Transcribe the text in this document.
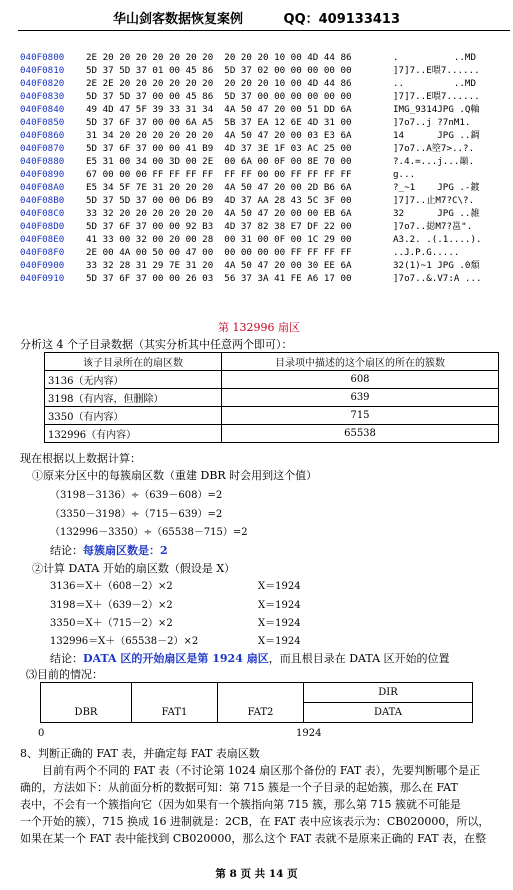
华山剑客数据恢复案例	QQ：409133413
040F0800 2E 20 20 20 20 20 20 20  20 20 20 10 00 4D 44 86	.          ..MD
040F0810 5D 37 5D 37 01 00 45 86  5D 37 02 00 00 00 00 00	]7]7..E喂7......
040F0820 2E 2E 20 20 20 20 20 20  20 20 20 10 00 4D 44 86	..         ..MD
040F0830 5D 37 5D 37 00 00 45 86  5D 37 00 00 00 00 00 00	]7]7..E喂7......
040F0840 49 4D 47 5F 39 33 31 34  4A 50 47 20 00 51 DD 6A	IMG_9314JPG .Q軸
040F0850 5D 37 6F 37 00 00 6A A5  5B 37 EA 12 6E 4D 31 00	]7o7..j ?7nM1.
040F0860 31 34 20 20 20 20 20 20  4A 50 47 20 00 03 E3 6A	14      JPG ..錭
040F0870 5D 37 6F 37 00 00 41 B9  4D 37 3E 1F 03 AC 25 00	]7o7..A箜7>..?.
040F0880 E5 31 00 34 00 3D 00 2E  00 6A 00 0F 00 8E 70 00	?.4.=...j...巔.
040F0890 67 00 00 00 FF FF FF FF  FF FF 00 00 FF FF FF FF	g...
040F08A0 E5 34 5F 7E 31 20 20 20  4A 50 47 20 00 2D B6 6A	?_~1    JPG .-鍍
040F08B0 5D 37 5D 37 00 00 D6 B9  4D 37 AA 28 43 5C 3F 00	]7]7..止M7?C\?.
040F08C0 33 32 20 20 20 20 20 20  4A 50 47 20 00 00 EB 6A	32      JPG ..雑
040F08D0 5D 37 6F 37 00 00 92 B3  4D 37 82 38 E7 DF 22 00	]7o7..搃M7?邕".
040F08E0 41 33 00 32 00 20 00 28  00 31 00 0F 00 1C 29 00	A3.2. .(.1....).
040F08F0 2E 00 4A 00 50 00 47 00  00 00 00 00 FF FF FF FF	..J.P.G.....
040F0900 33 32 28 31 29 7E 31 20  4A 50 47 20 00 30 EE 6A	32(1)~1 JPG .0頽
040F0910 5D 37 6F 37 00 00 26 03  56 37 3A 41 FE A6 17 00	]7o7..&.V7:A ...
第 132996 扇区
分析这 4 个子目录数据（其实分析其中任意两个即可）：
该子目录所在的扇区数	目录项中描述的这个扇区的所在的簇数
3136（无内容）	608
3198（有内容，但删除）	639
3350（有内容）	715
132996（有内容）	65538
现在根据以上数据计算：
①原来分区中的每簇扇区数（重建 DBR 时会用到这个值）
（3198－3136）÷（639－608）=2
（3350－3198）÷（715－639）=2
（132996－3350）÷（65538－715）=2
结论：每簇扇区数是：2
②计算 DATA 开始的扇区数（假设是 X）
3136＝X＋（608－2）×2	X＝1924
3198＝X＋（639－2）×2	X＝1924
3350＝X＋（715－2）×2	X＝1924
132996＝X＋（65538－2）×2	X＝1924
结论：DATA 区的开始扇区是第 1924 扇区，而且根目录在 DATA 区开始的位置
⑶目前的情况：
			DIR
DBR	FAT1	FAT2	DATA
0	1924
8、判断正确的 FAT 表，并确定每 FAT 表扇区数
目前有两个不同的 FAT 表（不讨论第 1024 扇区那个备份的 FAT 表），先要判断哪个是正
确的，方法如下：从前面分析的数据可知：第 715 簇是一个子目录的起始簇，那么在 FAT
表中，不会有一个簇指向它（因为如果有一个簇指向第 715 簇，那么第 715 簇就不可能是
一个开始的簇），715 换成 16 进制就是：2CB，在 FAT 表中应该表示为：CB020000，所以，
如果在某一个 FAT 表中能找到 CB020000，那么这个 FAT 表就不是原来正确的 FAT 表，在整
第 8 页 共 14 页
